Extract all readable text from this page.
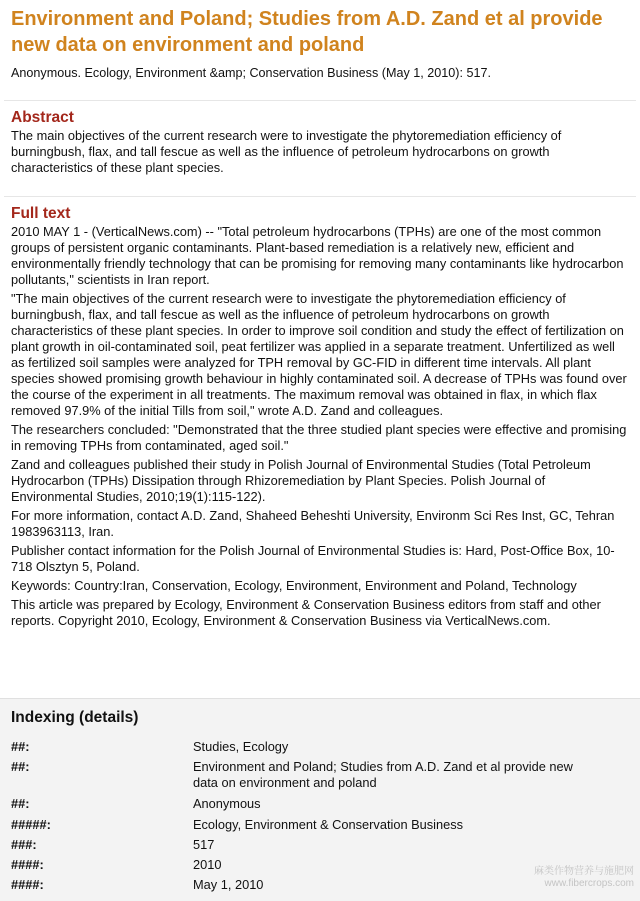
Environment and Poland; Studies from A.D. Zand et al provide new data on environment and poland

Anonymous. Ecology, Environment &amp; Conservation Business (May 1, 2010): 517.

Abstract

The main objectives of the current research were to investigate the phytoremediation efficiency of burningbush, flax, and tall fescue as well as the influence of petroleum hydrocarbons on growth characteristics of these plant species.

Full text

2010 MAY 1 - (VerticalNews.com) -- "Total petroleum hydrocarbons (TPHs) are one of the most common groups of persistent organic contaminants. Plant-based remediation is a relatively new, efficient and environmentally friendly technology that can be promising for removing many contaminants like hydrocarbon pollutants," scientists in Iran report.

"The main objectives of the current research were to investigate the phytoremediation efficiency of burningbush, flax, and tall fescue as well as the influence of petroleum hydrocarbons on growth characteristics of these plant species. In order to improve soil condition and study the effect of fertilization on plant growth in oil-contaminated soil, peat fertilizer was applied in a separate treatment. Unfertilized as well as fertilized soil samples were analyzed for TPH removal by GC-FID in different time intervals. All plant species showed promising growth behaviour in highly contaminated soil. A decrease of TPHs was found over the course of the experiment in all treatments. The maximum removal was obtained in flax, in which flax removed 97.9% of the initial Tills from soil," wrote A.D. Zand and colleagues.

The researchers concluded: "Demonstrated that the three studied plant species were effective and promising in removing TPHs from contaminated, aged soil."

Zand and colleagues published their study in Polish Journal of Environmental Studies (Total Petroleum Hydrocarbon (TPHs) Dissipation through Rhizoremediation by Plant Species. Polish Journal of Environmental Studies, 2010;19(1):115-122).

For more information, contact A.D. Zand, Shaheed Beheshti University, Environm Sci Res Inst, GC, Tehran 1983963113, Iran.

Publisher contact information for the Polish Journal of Environmental Studies is: Hard, Post-Office Box, 10-718 Olsztyn 5, Poland.

Keywords: Country:Iran, Conservation, Ecology, Environment, Environment and Poland, Technology

This article was prepared by Ecology, Environment & Conservation Business editors from staff and other reports. Copyright 2010, Ecology, Environment & Conservation Business via VerticalNews.com.

Indexing (details)
##:	Studies, Ecology
##:	Environment and Poland; Studies from A.D. Zand et al provide new data on environment and poland
##:	Anonymous
#####:	Ecology, Environment & Conservation Business
###:	517
####:	2010
####:	May 1, 2010
麻类作物营养与施肥网
www.fibercrops.com
